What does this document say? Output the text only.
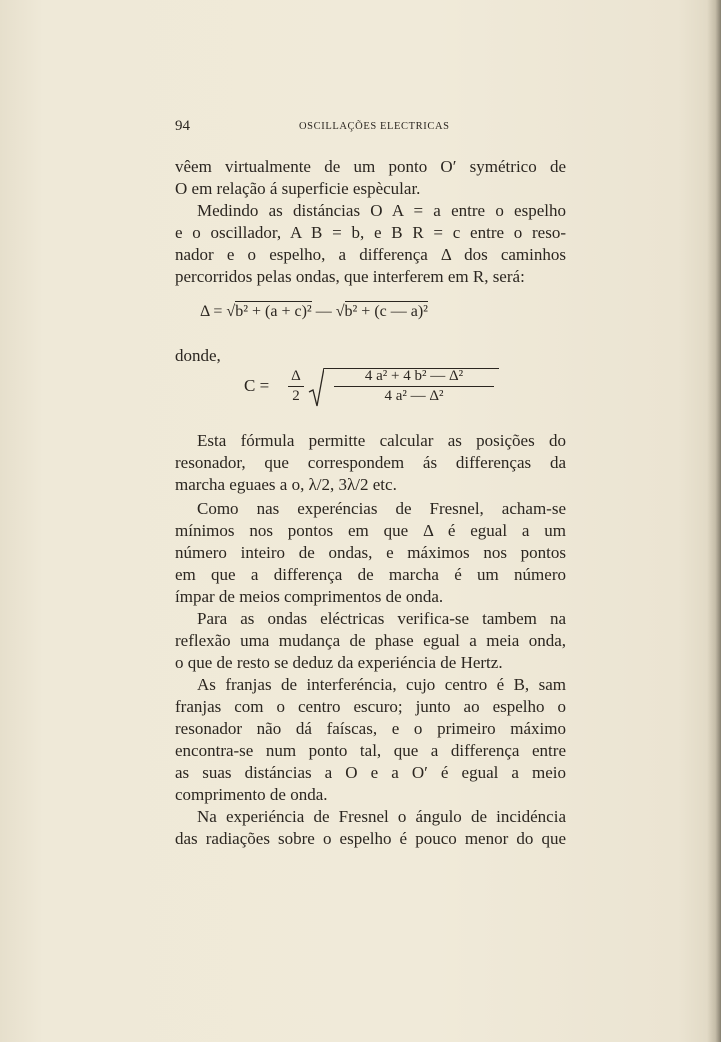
94	OSCILLAÇÕES ELECTRICAS
vêem virtualmente de um ponto O′ symétrico de
O em relação á superficie espècular.
Medindo as distáncias O A = a entre o espelho
e o oscillador, A B = b, e B R = c entre o reso-
nador e o espelho, a differença Δ dos caminhos
percorridos pelas ondas, que interferem em R, será:
Δ = √b² + (a + c)² — √b² + (c — a)²
donde,
C = Δ
2
4 a² + 4 b² — Δ²
4 a² — Δ²
Esta fórmula permitte calcular as posições do
resonador, que correspondem ás differenças da
marcha eguaes a o, λ/2, 3λ/2 etc.
Como nas experéncias de Fresnel, acham-se
mínimos nos pontos em que Δ é egual a um
número inteiro de ondas, e máximos nos pontos
em que a differença de marcha é um número
ímpar de meios comprimentos de onda.
Para as ondas eléctricas verifica-se tambem na
reflexão uma mudança de phase egual a meia onda,
o que de resto se deduz da experiéncia de Hertz.
As franjas de interferéncia, cujo centro é B, sam
franjas com o centro escuro; junto ao espelho o
resonador não dá faíscas, e o primeiro máximo
encontra-se num ponto tal, que a differença entre
as suas distáncias a O e a O′ é egual a meio
comprimento de onda.
Na experiéncia de Fresnel o ángulo de incidéncia
das radiações sobre o espelho é pouco menor do que
